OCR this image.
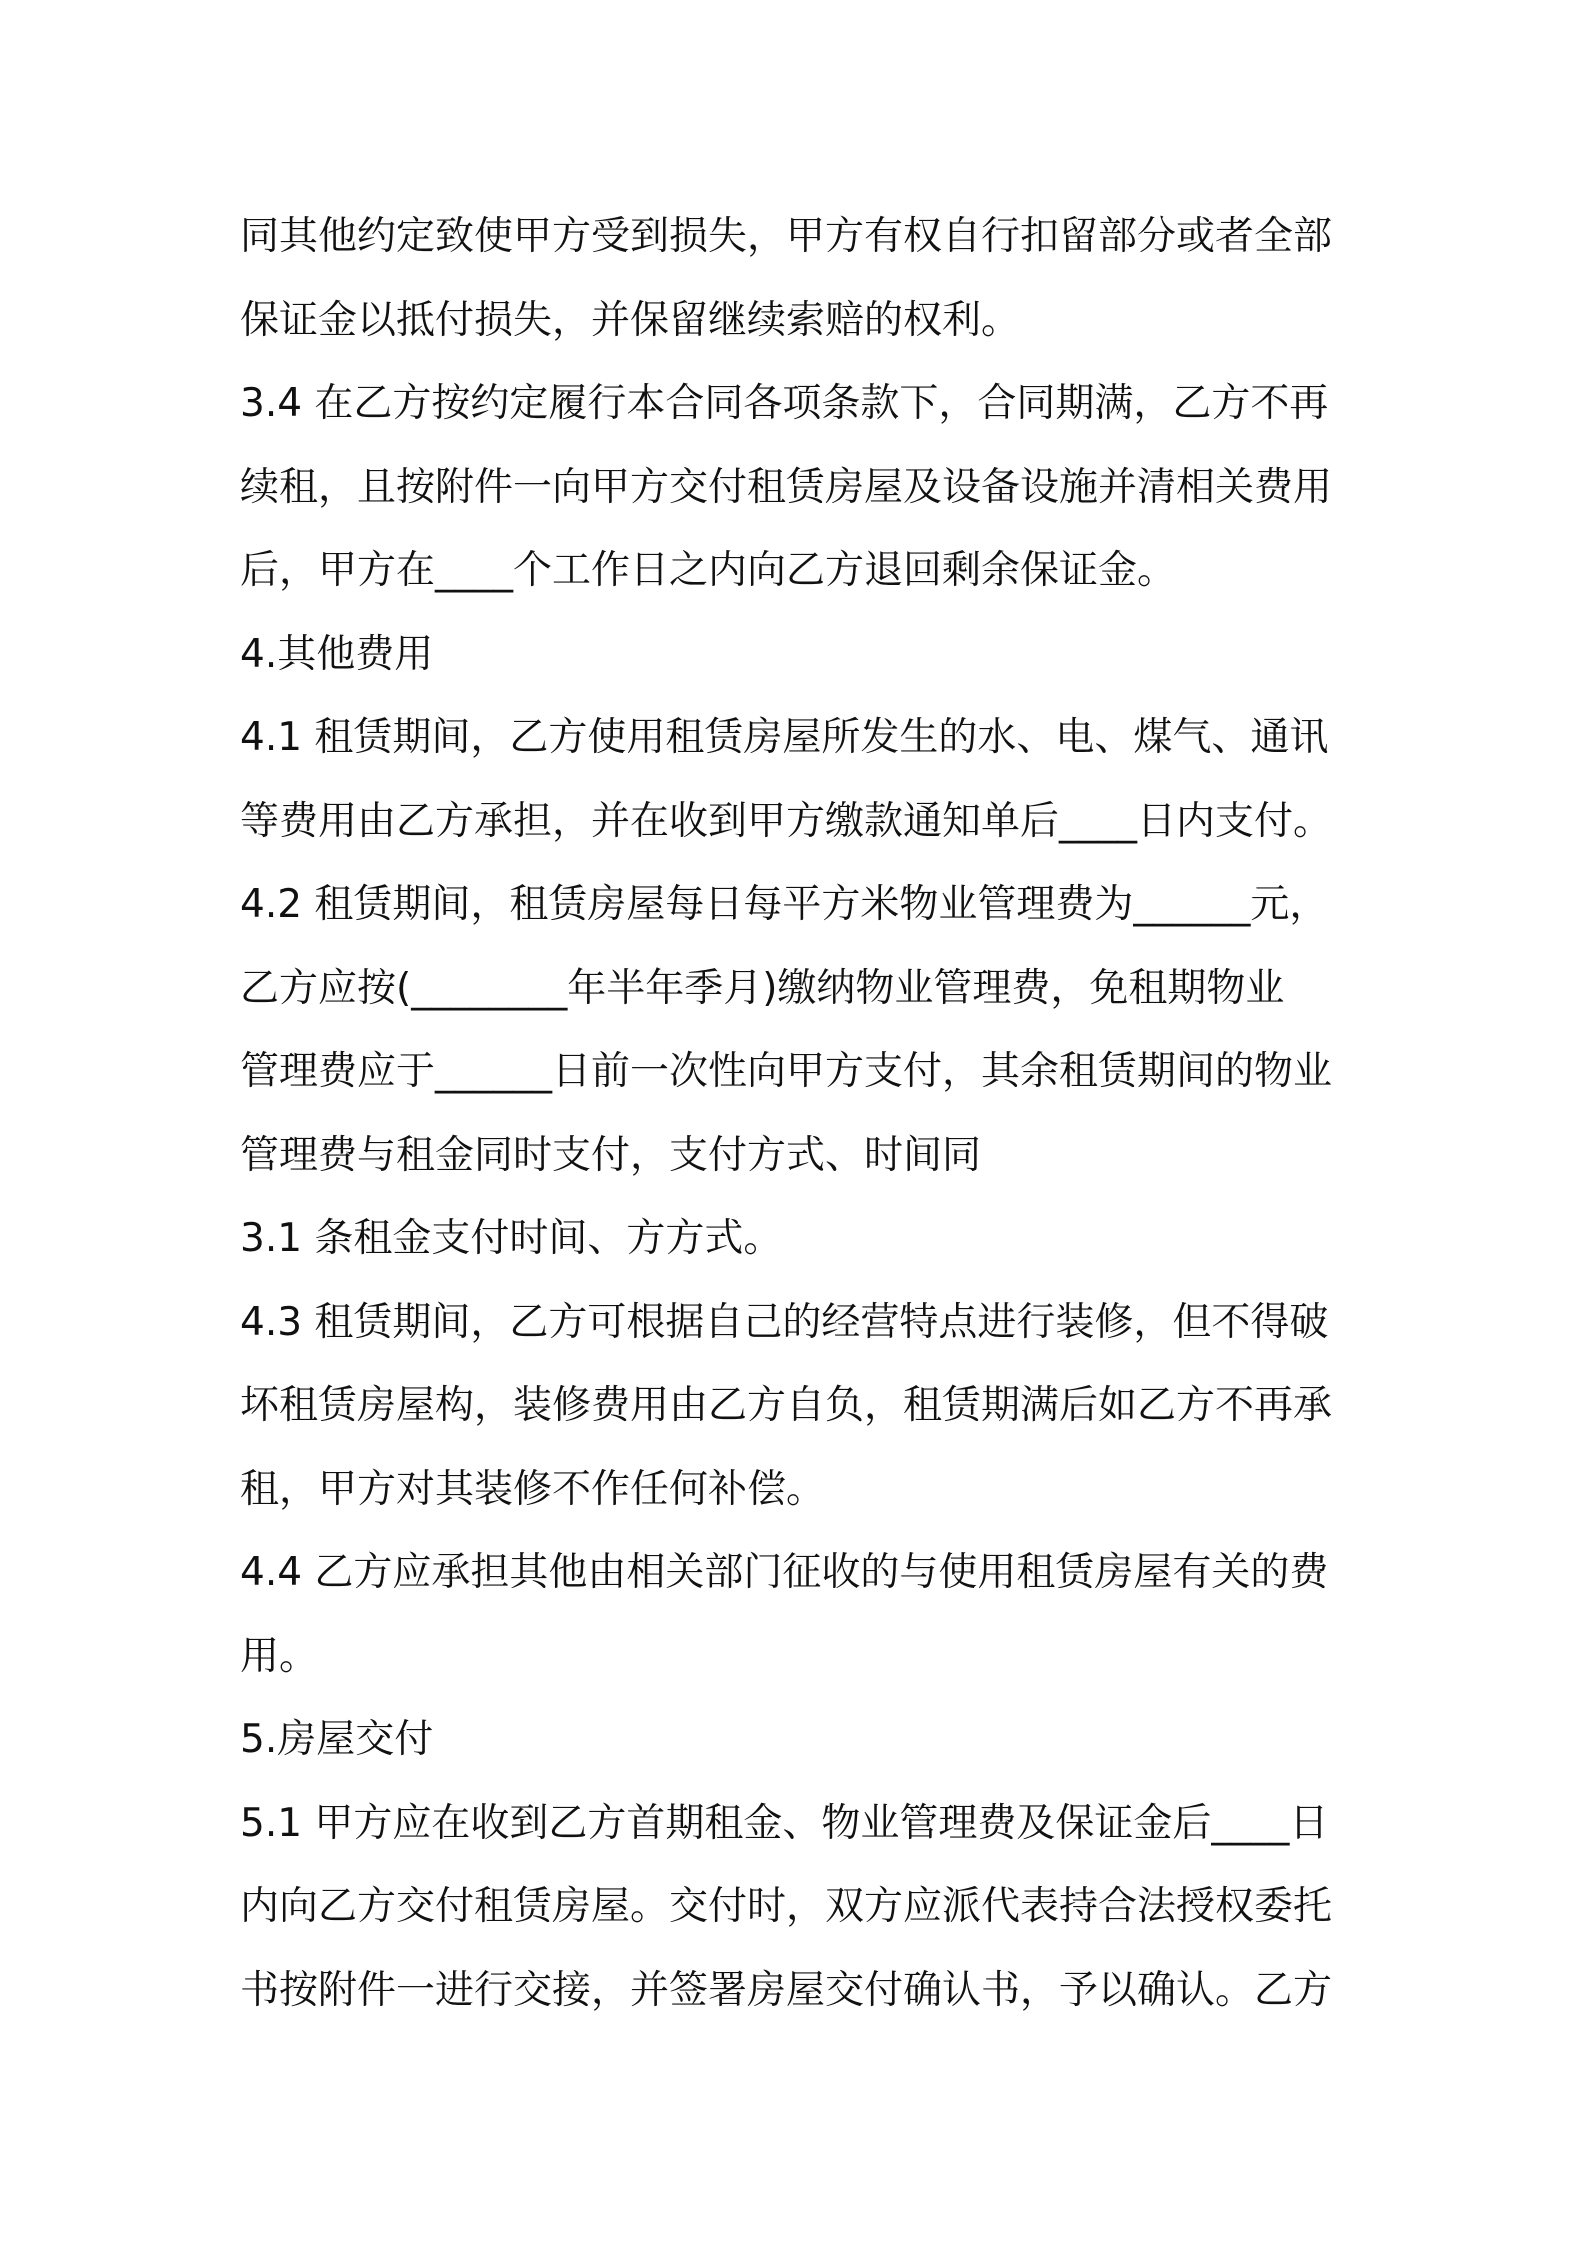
同其他约定致使甲方受到损失，甲方有权自行扣留部分或者全部
保证金以抵付损失，并保留继续索赔的权利。
3.4 在乙方按约定履行本合同各项条款下，合同期满，乙方不再
续租，且按附件一向甲方交付租赁房屋及设备设施并清相关费用
后，甲方在____个工作日之内向乙方退回剩余保证金。
4.其他费用
4.1 租赁期间，乙方使用租赁房屋所发生的水、电、煤气、通讯
等费用由乙方承担，并在收到甲方缴款通知单后____日内支付。
4.2 租赁期间，租赁房屋每日每平方米物业管理费为______元，
乙方应按(________年半年季月)缴纳物业管理费，免租期物业
管理费应于______日前一次性向甲方支付，其余租赁期间的物业
管理费与租金同时支付，支付方式、时间同
3.1 条租金支付时间、方方式。
4.3 租赁期间，乙方可根据自己的经营特点进行装修，但不得破
坏租赁房屋构，装修费用由乙方自负，租赁期满后如乙方不再承
租，甲方对其装修不作任何补偿。
4.4 乙方应承担其他由相关部门征收的与使用租赁房屋有关的费
用。
5.房屋交付
5.1 甲方应在收到乙方首期租金、物业管理费及保证金后____日
内向乙方交付租赁房屋。交付时，双方应派代表持合法授权委托
书按附件一进行交接，并签署房屋交付确认书，予以确认。乙方
